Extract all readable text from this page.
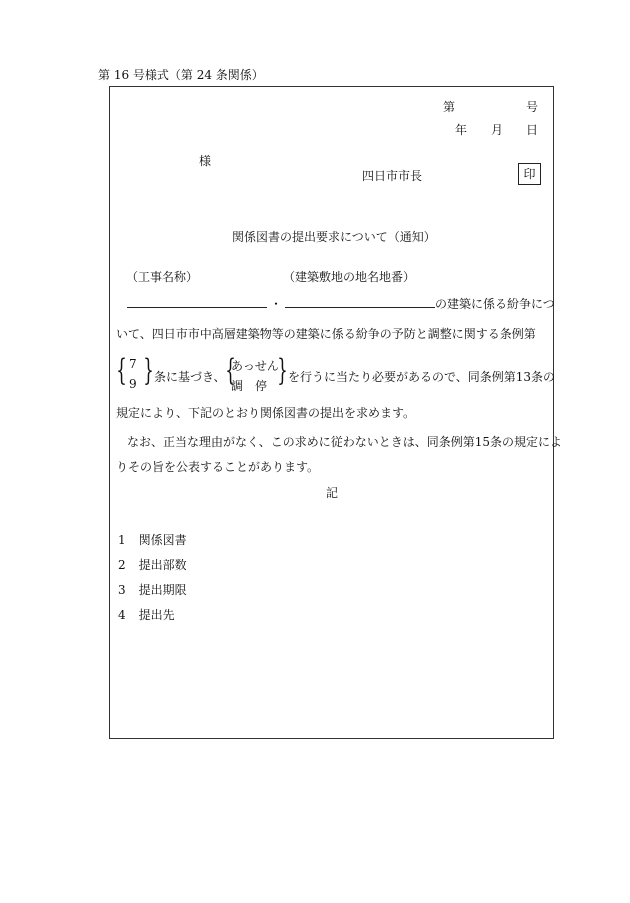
第 16 号様式（第 24 条関係）
第	号
年 月 日
様
四日市市長	印
関係図書の提出要求について（通知）
（工事名称）	（建築敷地の地名地番）
・	の建築に係る紛争につ
いて、四日市市中高層建築物等の建築に係る紛争の予防と調整に関する条例第
{ 7
9 } 条に基づき、 {
あっせん
調　停 } を行うに当たり必要があるので、同条例第13条の
規定により、下記のとおり関係図書の提出を求めます。
なお、正当な理由がなく、この求めに従わないときは、同条例第15条の規定によ
りその旨を公表することがあります。
記
1 関係図書
2 提出部数
3 提出期限
4 提出先
